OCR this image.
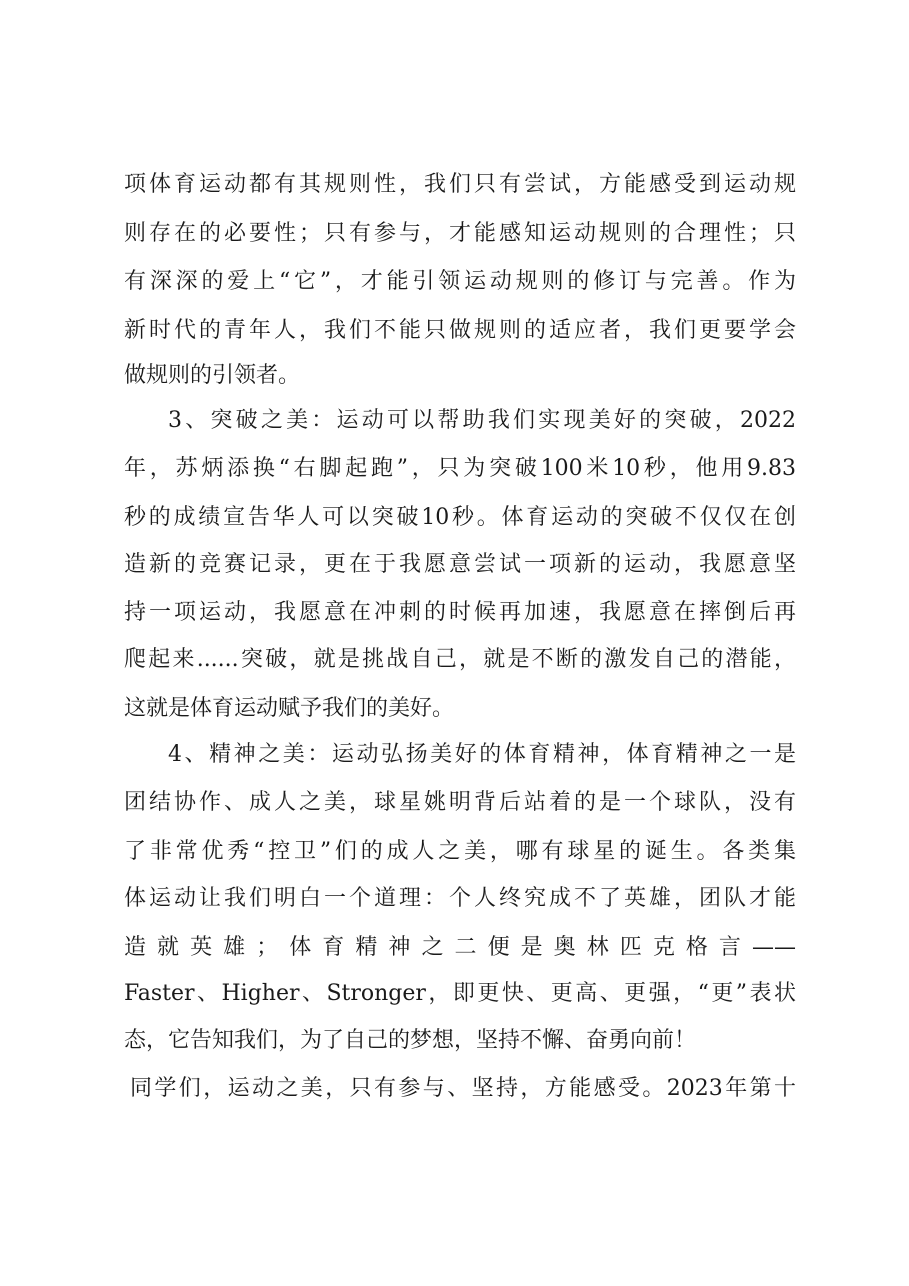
项体育运动都有其规则性，我们只有尝试，方能感受到运动规
则存在的必要性；只有参与，才能感知运动规则的合理性；只
有深深的爱上“它”，才能引领运动规则的修订与完善。作为
新时代的青年人，我们不能只做规则的适应者，我们更要学会
做规则的引领者。
3、突破之美：运动可以帮助我们实现美好的突破，2022
年，苏炳添换“右脚起跑”，只为突破100米10秒，他用9.83
秒的成绩宣告华人可以突破10秒。体育运动的突破不仅仅在创
造新的竞赛记录，更在于我愿意尝试一项新的运动，我愿意坚
持一项运动，我愿意在冲刺的时候再加速，我愿意在摔倒后再
爬起来......突破，就是挑战自己，就是不断的激发自己的潜能，
这就是体育运动赋予我们的美好。
4、精神之美：运动弘扬美好的体育精神，体育精神之一是
团结协作、成人之美，球星姚明背后站着的是一个球队，没有
了非常优秀“控卫”们的成人之美，哪有球星的诞生。各类集
体运动让我们明白一个道理：个人终究成不了英雄，团队才能
造就英雄；体育精神之二便是奥林匹克格言——
Faster、Higher、Stronger，即更快、更高、更强，“更”表状
态，它告知我们，为了自己的梦想，坚持不懈、奋勇向前！
同学们，运动之美，只有参与、坚持，方能感受。2023年第十
